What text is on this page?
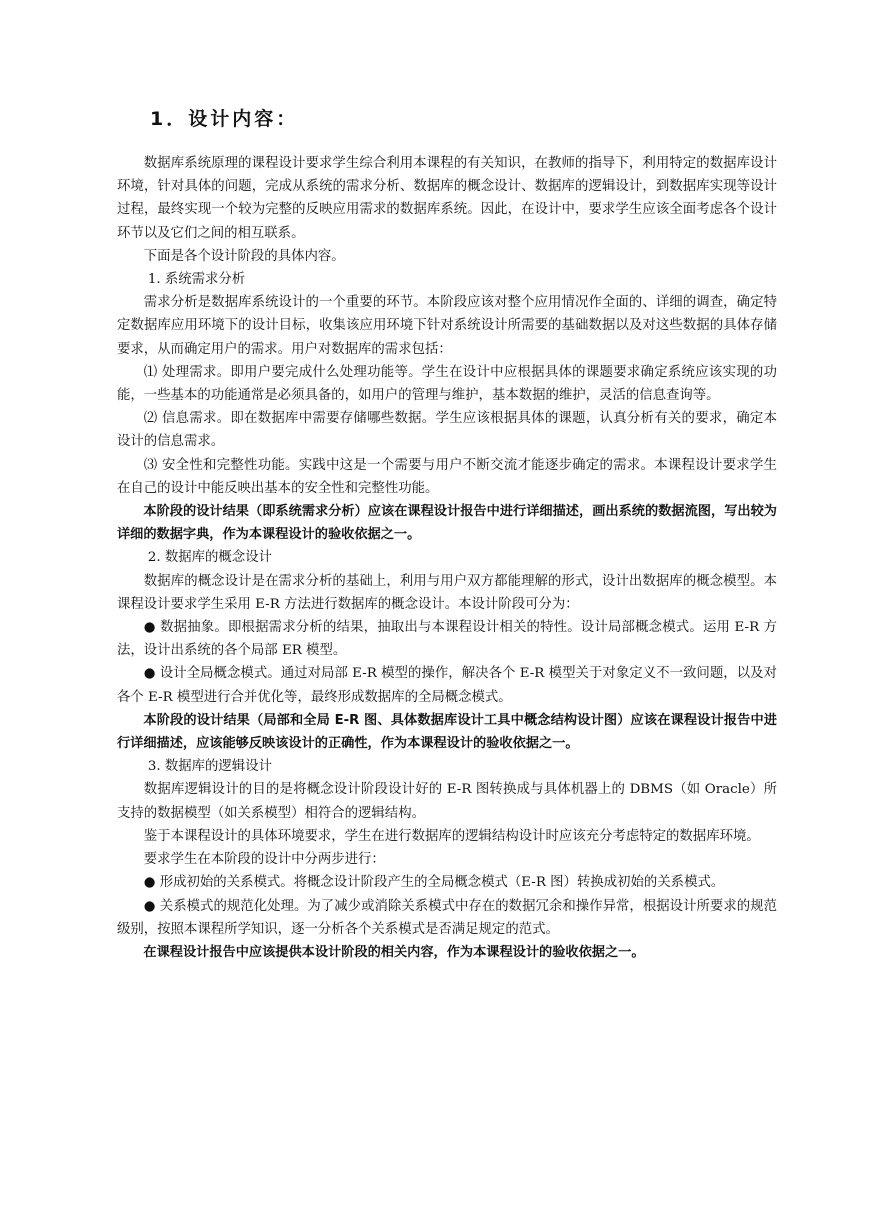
1．设计内容：

数据库系统原理的课程设计要求学生综合利用本课程的有关知识，在教师的指导下，利用特定的数据库设计环境，针对具体的问题，完成从系统的需求分析、数据库的概念设计、数据库的逻辑设计，到数据库实现等设计过程，最终实现一个较为完整的反映应用需求的数据库系统。因此，在设计中，要求学生应该全面考虑各个设计环节以及它们之间的相互联系。

下面是各个设计阶段的具体内容。

1. 系统需求分析

需求分析是数据库系统设计的一个重要的环节。本阶段应该对整个应用情况作全面的、详细的调查，确定特定数据库应用环境下的设计目标，收集该应用环境下针对系统设计所需要的基础数据以及对这些数据的具体存储要求，从而确定用户的需求。用户对数据库的需求包括：

⑴ 处理需求。即用户要完成什么处理功能等。学生在设计中应根据具体的课题要求确定系统应该实现的功能，一些基本的功能通常是必须具备的，如用户的管理与维护，基本数据的维护，灵活的信息查询等。

⑵ 信息需求。即在数据库中需要存储哪些数据。学生应该根据具体的课题，认真分析有关的要求，确定本设计的信息需求。

⑶ 安全性和完整性功能。实践中这是一个需要与用户不断交流才能逐步确定的需求。本课程设计要求学生在自己的设计中能反映出基本的安全性和完整性功能。

本阶段的设计结果（即系统需求分析）应该在课程设计报告中进行详细描述，画出系统的数据流图，写出较为详细的数据字典，作为本课程设计的验收依据之一。

2. 数据库的概念设计

数据库的概念设计是在需求分析的基础上，利用与用户双方都能理解的形式，设计出数据库的概念模型。本课程设计要求学生采用 E-R 方法进行数据库的概念设计。本设计阶段可分为：

● 数据抽象。即根据需求分析的结果，抽取出与本课程设计相关的特性。设计局部概念模式。运用 E-R 方法，设计出系统的各个局部 ER 模型。

● 设计全局概念模式。通过对局部 E-R 模型的操作，解决各个 E-R 模型关于对象定义不一致问题，以及对各个 E-R 模型进行合并优化等，最终形成数据库的全局概念模式。

本阶段的设计结果（局部和全局 E-R 图、具体数据库设计工具中概念结构设计图）应该在课程设计报告中进行详细描述，应该能够反映该设计的正确性，作为本课程设计的验收依据之一。

3. 数据库的逻辑设计

数据库逻辑设计的目的是将概念设计阶段设计好的 E-R 图转换成与具体机器上的 DBMS（如 Oracle）所支持的数据模型（如关系模型）相符合的逻辑结构。

鉴于本课程设计的具体环境要求，学生在进行数据库的逻辑结构设计时应该充分考虑特定的数据库环境。

要求学生在本阶段的设计中分两步进行：

● 形成初始的关系模式。将概念设计阶段产生的全局概念模式（E-R 图）转换成初始的关系模式。

● 关系模式的规范化处理。为了减少或消除关系模式中存在的数据冗余和操作异常，根据设计所要求的规范级别，按照本课程所学知识，逐一分析各个关系模式是否满足规定的范式。

在课程设计报告中应该提供本设计阶段的相关内容，作为本课程设计的验收依据之一。
